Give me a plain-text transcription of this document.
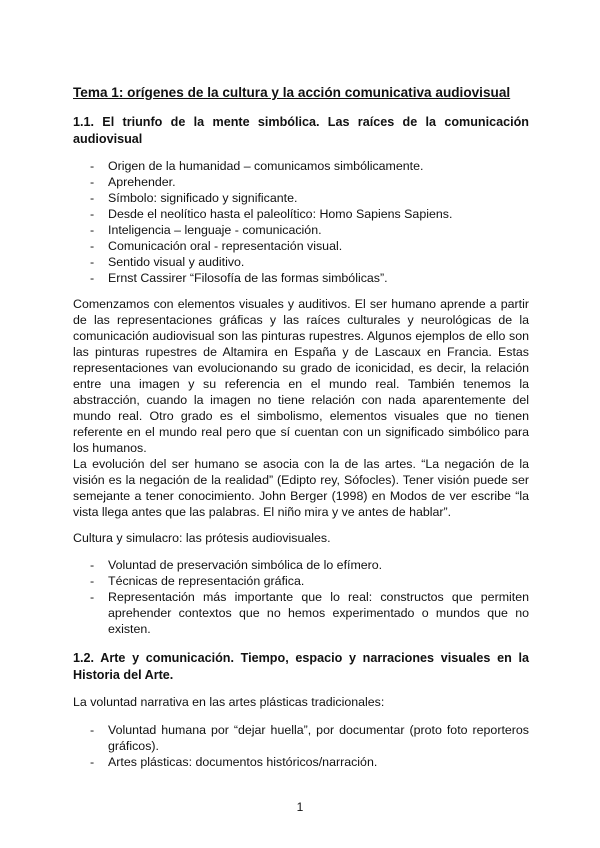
Tema 1: orígenes de la cultura y la acción comunicativa audiovisual
1.1. El triunfo de la mente simbólica. Las raíces de la comunicación audiovisual
- Origen de la humanidad – comunicamos simbólicamente.
- Aprehender.
- Símbolo: significado y significante.
- Desde el neolítico hasta el paleolítico: Homo Sapiens Sapiens.
- Inteligencia – lenguaje - comunicación.
- Comunicación oral - representación visual.
- Sentido visual y auditivo.
- Ernst Cassirer “Filosofía de las formas simbólicas”.

Comenzamos con elementos visuales y auditivos. El ser humano aprende a partir de las representaciones gráficas y las raíces culturales y neurológicas de la comunicación audiovisual son las pinturas rupestres. Algunos ejemplos de ello son las pinturas rupestres de Altamira en España y de Lascaux en Francia. Estas representaciones van evolucionando su grado de iconicidad, es decir, la relación entre una imagen y su referencia en el mundo real. También tenemos la abstracción, cuando la imagen no tiene relación con nada aparentemente del mundo real. Otro grado es el simbolismo, elementos visuales que no tienen referente en el mundo real pero que sí cuentan con un significado simbólico para los humanos.

La evolución del ser humano se asocia con la de las artes. “La negación de la visión es la negación de la realidad” (Edipto rey, Sófocles). Tener visión puede ser semejante a tener conocimiento. John Berger (1998) en Modos de ver escribe “la vista llega antes que las palabras. El niño mira y ve antes de hablar”.

Cultura y simulacro: las prótesis audiovisuales.

- Voluntad de preservación simbólica de lo efímero.
- Técnicas de representación gráfica.
- Representación más importante que lo real: constructos que permiten aprehender contextos que no hemos experimentado o mundos que no existen.
1.2. Arte y comunicación. Tiempo, espacio y narraciones visuales en la Historia del Arte.

La voluntad narrativa en las artes plásticas tradicionales:

- Voluntad humana por “dejar huella”, por documentar (proto foto reporteros gráficos).
- Artes plásticas: documentos históricos/narración.
1
